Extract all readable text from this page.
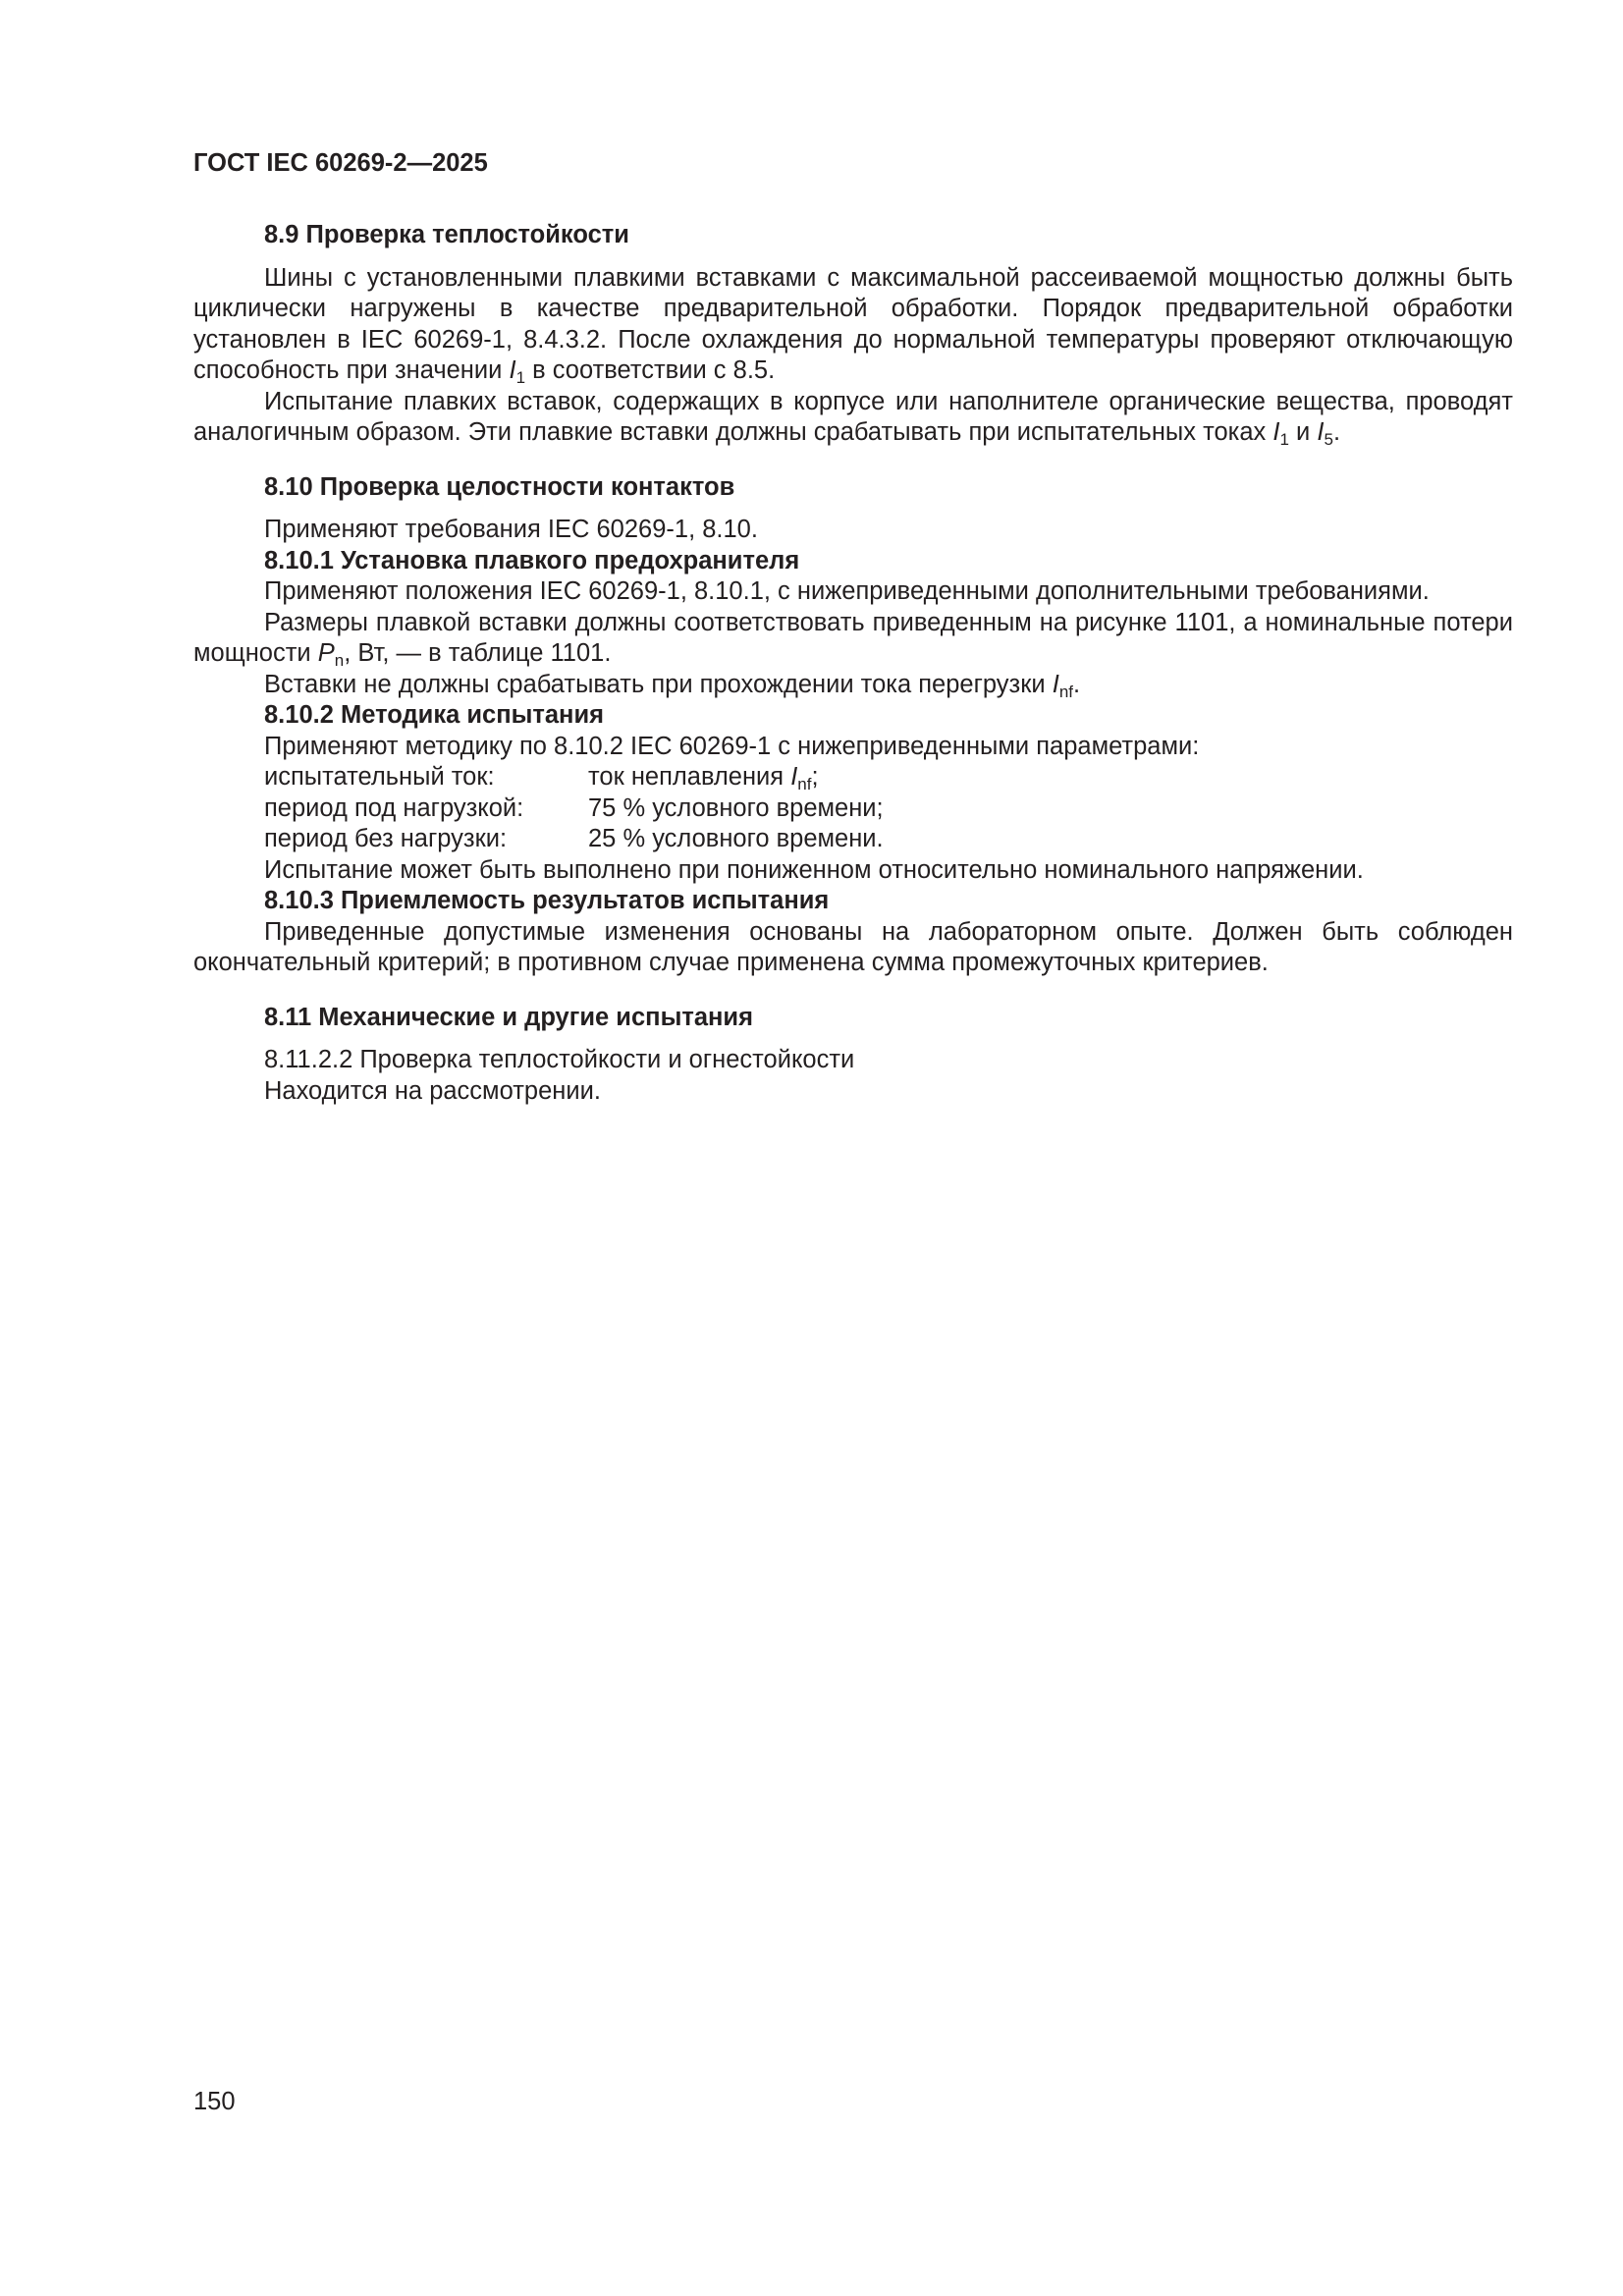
ГОСТ IEC 60269-2—2025

8.9 Проверка теплостойкости

Шины с установленными плавкими вставками с максимальной рассеиваемой мощностью должны быть циклически нагружены в качестве предварительной обработки. Порядок предварительной обработки установлен в IEC 60269-1, 8.4.3.2. После охлаждения до нормальной температуры проверяют отключающую способность при значении $I_1$ в соответствии с 8.5.

Испытание плавких вставок, содержащих в корпусе или наполнителе органические вещества, проводят аналогичным образом. Эти плавкие вставки должны срабатывать при испытательных токах $I_1$ и $I_5$.

8.10 Проверка целостности контактов

Применяют требования IEC 60269-1, 8.10.

8.10.1 Установка плавкого предохранителя

Применяют положения IEC 60269-1, 8.10.1, с нижеприведенными дополнительными требованиями.

Размеры плавкой вставки должны соответствовать приведенным на рисунке 1101, а номинальные потери мощности $P_n$, Вт, — в таблице 1101.

Вставки не должны срабатывать при прохождении тока перегрузки $I_{nf}$.

8.10.2 Методика испытания

Применяют методику по 8.10.2 IEC 60269-1 с нижеприведенными параметрами:

испытательный ток:	ток неплавления $I_{nf}$;
период под нагрузкой:	75 % условного времени;
период без нагрузки:	25 % условного времени.

Испытание может быть выполнено при пониженном относительно номинального напряжении.

8.10.3 Приемлемость результатов испытания

Приведенные допустимые изменения основаны на лабораторном опыте. Должен быть соблюден окончательный критерий; в противном случае применена сумма промежуточных критериев.

8.11 Механические и другие испытания

8.11.2.2 Проверка теплостойкости и огнестойкости

Находится на рассмотрении.

150
